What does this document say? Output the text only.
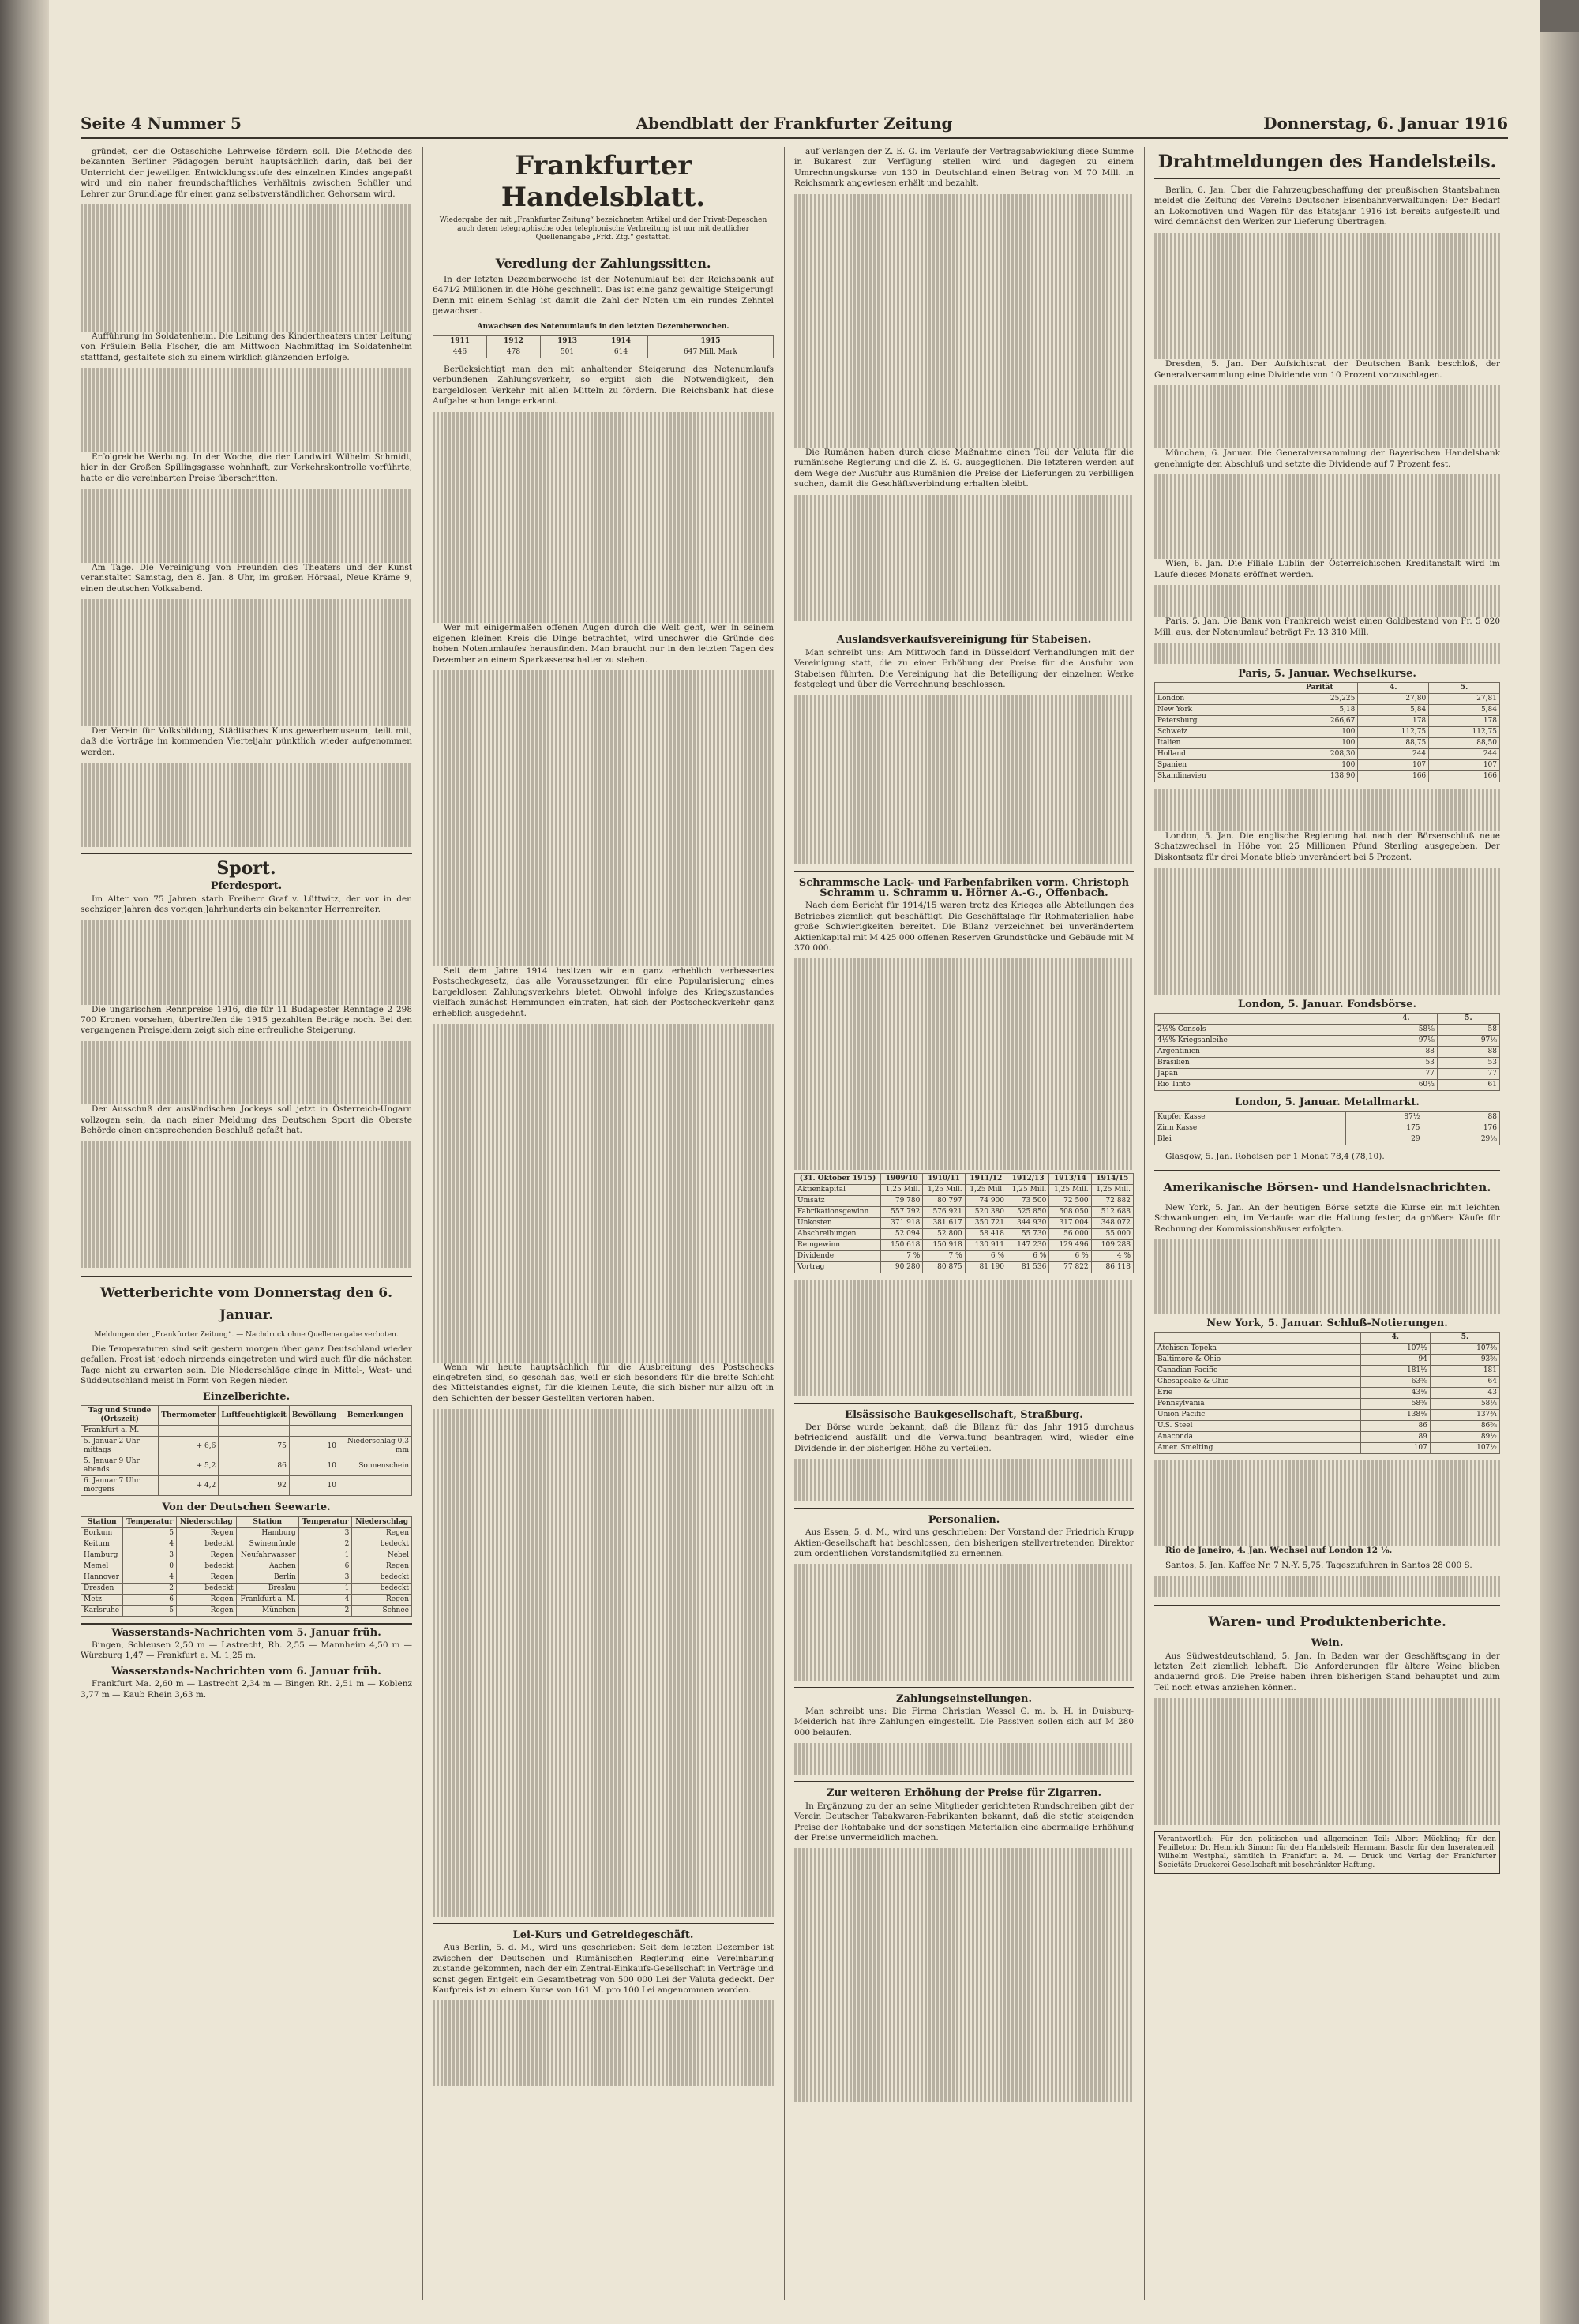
Seite 4 Nummer 5	Abendblatt der Frankfurter Zeitung	Donnerstag, 6. Januar 1916

gründet, der die Ostaschiche Lehrweise fördern soll. Die Methode des bekannten Berliner Pädagogen beruht hauptsächlich darin, daß bei der Unterricht der jeweiligen Entwicklungsstufe des einzelnen Kindes angepaßt wird und ein naher freundschaftliches Verhältnis zwischen Schüler und Lehrer zur Grundlage für einen ganz selbstverständlichen Gehorsam wird.

Aufführung im Soldatenheim. Die Leitung des Kindertheaters unter Leitung von Fräulein Bella Fischer, die am Mittwoch Nachmittag im Soldatenheim stattfand, gestaltete sich zu einem wirklich glänzenden Erfolge.

Erfolgreiche Werbung. In der Woche, die der Landwirt Wilhelm Schmidt, hier in der Großen Spillingsgasse wohnhaft, zur Verkehrskontrolle vorführte, hatte er die vereinbarten Preise überschritten.

Am Tage. Die Vereinigung von Freunden des Theaters und der Kunst veranstaltet Samstag, den 8. Jan. 8 Uhr, im großen Hörsaal, Neue Kräme 9, einen deutschen Volksabend.

Der Verein für Volksbildung, Städtisches Kunstgewerbemuseum, teilt mit, daß die Vorträge im kommenden Vierteljahr pünktlich wieder aufgenommen werden.

Sport.
Pferdesport.

Im Alter von 75 Jahren starb Freiherr Graf v. Lüttwitz, der vor in den sechziger Jahren des vorigen Jahrhunderts ein bekannter Herrenreiter.

Die ungarischen Rennpreise 1916, die für 11 Budapester Renntage 2 298 700 Kronen vorsehen, übertreffen die 1915 gezahlten Beträge noch. Bei den vergangenen Preisgeldern zeigt sich eine erfreuliche Steigerung.

Der Ausschuß der ausländischen Jockeys soll jetzt in Österreich-Ungarn vollzogen sein, da nach einer Meldung des Deutschen Sport die Oberste Behörde einen entsprechenden Beschluß gefaßt hat.

Wetterberichte vom Donnerstag den 6. Januar.
Meldungen der „Frankfurter Zeitung“. — Nachdruck ohne Quellenangabe verboten.

Die Temperaturen sind seit gestern morgen über ganz Deutschland wieder gefallen. Frost ist jedoch nirgends eingetreten und wird auch für die nächsten Tage nicht zu erwarten sein. Die Niederschläge ginge in Mittel-, West- und Süddeutschland meist in Form von Regen nieder.

Einzelberichte.
Tag und Stunde (Ortszeit)	Thermometer	Luftfeuchtigkeit	Bewölkung	Bemerkungen
Frankfurt a. M.				
5. Januar 2 Uhr mittags	+ 6,6	75	10	Niederschlag 0,3 mm
5. Januar 9 Uhr abends	+ 5,2	86	10	Sonnenschein
6. Januar 7 Uhr morgens	+ 4,2	92	10	
Von der Deutschen Seewarte.
Station	Temperatur	Niederschlag	Station	Temperatur	Niederschlag
Borkum	5	Regen	Hamburg	3	Regen
Keitum	4	bedeckt	Swinemünde	2	bedeckt
Hamburg	3	Regen	Neufahrwasser	1	Nebel
Memel	0	bedeckt	Aachen	6	Regen
Hannover	4	Regen	Berlin	3	bedeckt
Dresden	2	bedeckt	Breslau	1	bedeckt
Metz	6	Regen	Frankfurt a. M.	4	Regen
Karlsruhe	5	Regen	München	2	Schnee
Wasserstands-Nachrichten vom 5. Januar früh.

Bingen, Schleusen 2,50 m — Lastrecht, Rh. 2,55 — Mannheim 4,50 m — Würzburg 1,47 — Frankfurt a. M. 1,25 m.

Wasserstands-Nachrichten vom 6. Januar früh.

Frankfurt Ma. 2,60 m — Lastrecht 2,34 m — Bingen Rh. 2,51 m — Koblenz 3,77 m — Kaub Rhein 3,63 m.

Frankfurter Handelsblatt.
Wiedergabe der mit „Frankfurter Zeitung“ bezeichneten Artikel und der Privat-Depeschen auch deren telegraphische oder telephonische Verbreitung ist nur mit deutlicher Quellenangabe „Frkf. Ztg.“ gestattet.
Veredlung der Zahlungssitten.

In der letzten Dezemberwoche ist der Notenumlauf bei der Reichsbank auf 6471⁄2 Millionen in die Höhe geschnellt. Das ist eine ganz gewaltige Steigerung! Denn mit einem Schlag ist damit die Zahl der Noten um ein rundes Zehntel gewachsen.

Anwachsen des Notenumlaufs in den letzten Dezemberwochen.
1911	1912	1913	1914	1915
446	478	501	614	647 Mill. Mark

Berücksichtigt man den mit anhaltender Steigerung des Notenumlaufs verbundenen Zahlungsverkehr, so ergibt sich die Notwendigkeit, den bargeldlosen Verkehr mit allen Mitteln zu fördern. Die Reichsbank hat diese Aufgabe schon lange erkannt.

Wer mit einigermaßen offenen Augen durch die Welt geht, wer in seinem eigenen kleinen Kreis die Dinge betrachtet, wird unschwer die Gründe des hohen Notenumlaufes herausfinden. Man braucht nur in den letzten Tagen des Dezember an einem Sparkassenschalter zu stehen.

Seit dem Jahre 1914 besitzen wir ein ganz erheblich verbessertes Postscheckgesetz, das alle Voraussetzungen für eine Popularisierung eines bargeldlosen Zahlungsverkehrs bietet. Obwohl infolge des Kriegszustandes vielfach zunächst Hemmungen eintraten, hat sich der Postscheckverkehr ganz erheblich ausgedehnt.

Wenn wir heute hauptsächlich für die Ausbreitung des Postschecks eingetreten sind, so geschah das, weil er sich besonders für die breite Schicht des Mittelstandes eignet, für die kleinen Leute, die sich bisher nur allzu oft in den Schichten der besser Gestellten verloren haben.

Lei-Kurs und Getreidegeschäft.

Aus Berlin, 5. d. M., wird uns geschrieben: Seit dem letzten Dezember ist zwischen der Deutschen und Rumänischen Regierung eine Vereinbarung zustande gekommen, nach der ein Zentral-Einkaufs-Gesellschaft in Verträge und sonst gegen Entgelt ein Gesamtbetrag von 500 000 Lei der Valuta gedeckt. Der Kaufpreis ist zu einem Kurse von 161 M. pro 100 Lei angenommen worden.

auf Verlangen der Z. E. G. im Verlaufe der Vertragsabwicklung diese Summe in Bukarest zur Verfügung stellen wird und dagegen zu einem Umrechnungskurse von 130 in Deutschland einen Betrag von M 70 Mill. in Reichsmark angewiesen erhält und bezahlt.

Die Rumänen haben durch diese Maßnahme einen Teil der Valuta für die rumänische Regierung und die Z. E. G. ausgeglichen. Die letzteren werden auf dem Wege der Ausfuhr aus Rumänien die Preise der Lieferungen zu verbilligen suchen, damit die Geschäftsverbindung erhalten bleibt.

Auslandsverkaufsvereinigung für Stabeisen.

Man schreibt uns: Am Mittwoch fand in Düsseldorf Verhandlungen mit der Vereinigung statt, die zu einer Erhöhung der Preise für die Ausfuhr von Stabeisen führten. Die Vereinigung hat die Beteiligung der einzelnen Werke festgelegt und über die Verrechnung beschlossen.

Schrammsche Lack- und Farbenfabriken vorm. Christoph Schramm u. Schramm u. Hörner A.-G., Offenbach.

Nach dem Bericht für 1914/15 waren trotz des Krieges alle Abteilungen des Betriebes ziemlich gut beschäftigt. Die Geschäftslage für Rohmaterialien habe große Schwierigkeiten bereitet. Die Bilanz verzeichnet bei unverändertem Aktienkapital mit M 425 000 offenen Reserven Grundstücke und Gebäude mit M 370 000.

(31. Oktober 1915)	1909/10	1910/11	1911/12	1912/13	1913/14	1914/15
Aktienkapital	1,25 Mill.	1,25 Mill.	1,25 Mill.	1,25 Mill.	1,25 Mill.	1,25 Mill.
Umsatz	79 780	80 797	74 900	73 500	72 500	72 882
Fabrikationsgewinn	557 792	576 921	520 380	525 850	508 050	512 688
Unkosten	371 918	381 617	350 721	344 930	317 004	348 072
Abschreibungen	52 094	52 800	58 418	55 730	56 000	55 000
Reingewinn	150 618	150 918	130 911	147 230	129 496	109 288
Dividende	7 %	7 %	6 %	6 %	6 %	4 %
Vortrag	90 280	80 875	81 190	81 536	77 822	86 118
Elsässische Baukgesellschaft, Straßburg.

Der Börse wurde bekannt, daß die Bilanz für das Jahr 1915 durchaus befriedigend ausfällt und die Verwaltung beantragen wird, wieder eine Dividende in der bisherigen Höhe zu verteilen.

Personalien.

Aus Essen, 5. d. M., wird uns geschrieben: Der Vorstand der Friedrich Krupp Aktien-Gesellschaft hat beschlossen, den bisherigen stellvertretenden Direktor zum ordentlichen Vorstandsmitglied zu ernennen.

Zahlungseinstellungen.

Man schreibt uns: Die Firma Christian Wessel G. m. b. H. in Duisburg-Meiderich hat ihre Zahlungen eingestellt. Die Passiven sollen sich auf M 280 000 belaufen.

Zur weiteren Erhöhung der Preise für Zigarren.

In Ergänzung zu der an seine Mitglieder gerichteten Rundschreiben gibt der Verein Deutscher Tabakwaren-Fabrikanten bekannt, daß die stetig steigenden Preise der Rohtabake und der sonstigen Materialien eine abermalige Erhöhung der Preise unvermeidlich machen.

Drahtmeldungen des Handelsteils.

Berlin, 6. Jan. Über die Fahrzeugbeschaffung der preußischen Staatsbahnen meldet die Zeitung des Vereins Deutscher Eisenbahnverwaltungen: Der Bedarf an Lokomotiven und Wagen für das Etatsjahr 1916 ist bereits aufgestellt und wird demnächst den Werken zur Lieferung übertragen.

Dresden, 5. Jan. Der Aufsichtsrat der Deutschen Bank beschloß, der Generalversammlung eine Dividende von 10 Prozent vorzuschlagen.

München, 6. Januar. Die Generalversammlung der Bayerischen Handelsbank genehmigte den Abschluß und setzte die Dividende auf 7 Prozent fest.

Wien, 6. Jan. Die Filiale Lublin der Österreichischen Kreditanstalt wird im Laufe dieses Monats eröffnet werden.

Paris, 5. Jan. Die Bank von Frankreich weist einen Goldbestand von Fr. 5 020 Mill. aus, der Notenumlauf beträgt Fr. 13 310 Mill.

Paris, 5. Januar. Wechselkurse.
	Parität	4.	5.
London	25,225	27,80	27,81
New York	5,18	5,84	5,84
Petersburg	266,67	178	178
Schweiz	100	112,75	112,75
Italien	100	88,75	88,50
Holland	208,30	244	244
Spanien	100	107	107
Skandinavien	138,90	166	166

London, 5. Jan. Die englische Regierung hat nach der Börsenschluß neue Schatzwechsel in Höhe von 25 Millionen Pfund Sterling ausgegeben. Der Diskontsatz für drei Monate blieb unverändert bei 5 Prozent.

London, 5. Januar. Fondsbörse.
	4.	5.
2½% Consols	58⅛	58
4½% Kriegsanleihe	97⅛	97⅛
Argentinien	88	88
Brasilien	53	53
Japan	77	77
Rio Tinto	60½	61
London, 5. Januar. Metallmarkt.
Kupfer Kasse	87½	88
Zinn Kasse	175	176
Blei	29	29⅛

Glasgow, 5. Jan. Roheisen per 1 Monat 78,4 (78,10).

Amerikanische Börsen- und Handelsnachrichten.

New York, 5. Jan. An der heutigen Börse setzte die Kurse ein mit leichten Schwankungen ein, im Verlaufe war die Haltung fester, da größere Käufe für Rechnung der Kommissionshäuser erfolgten.

New York, 5. Januar. Schluß-Notierungen.
	4.	5.
Atchison Topeka	107½	107⅜
Baltimore & Ohio	94	93⅝
Canadian Pacific	181½	181
Chesapeake & Ohio	63⅝	64
Erie	43⅛	43
Pennsylvania	58⅝	58½
Union Pacific	138⅛	137¾
U.S. Steel	86	86⅝
Anaconda	89	89½
Amer. Smelting	107	107½

Rio de Janeiro, 4. Jan. Wechsel auf London 12 ⅛.

Santos, 5. Jan. Kaffee Nr. 7 N.-Y. 5,75. Tageszufuhren in Santos 28 000 S.

Waren- und Produktenberichte.
Wein.

Aus Südwestdeutschland, 5. Jan. In Baden war der Geschäftsgang in der letzten Zeit ziemlich lebhaft. Die Anforderungen für ältere Weine blieben andauernd groß. Die Preise haben ihren bisherigen Stand behauptet und zum Teil noch etwas anziehen können.

Verantwortlich: Für den politischen und allgemeinen Teil: Albert Mückling; für den Feuilleton: Dr. Heinrich Simon; für den Handelsteil: Hermann Basch; für den Inseratenteil: Wilhelm Westphal, sämtlich in Frankfurt a. M. — Druck und Verlag der Frankfurter Societäts-Druckerei Gesellschaft mit beschränkter Haftung.
